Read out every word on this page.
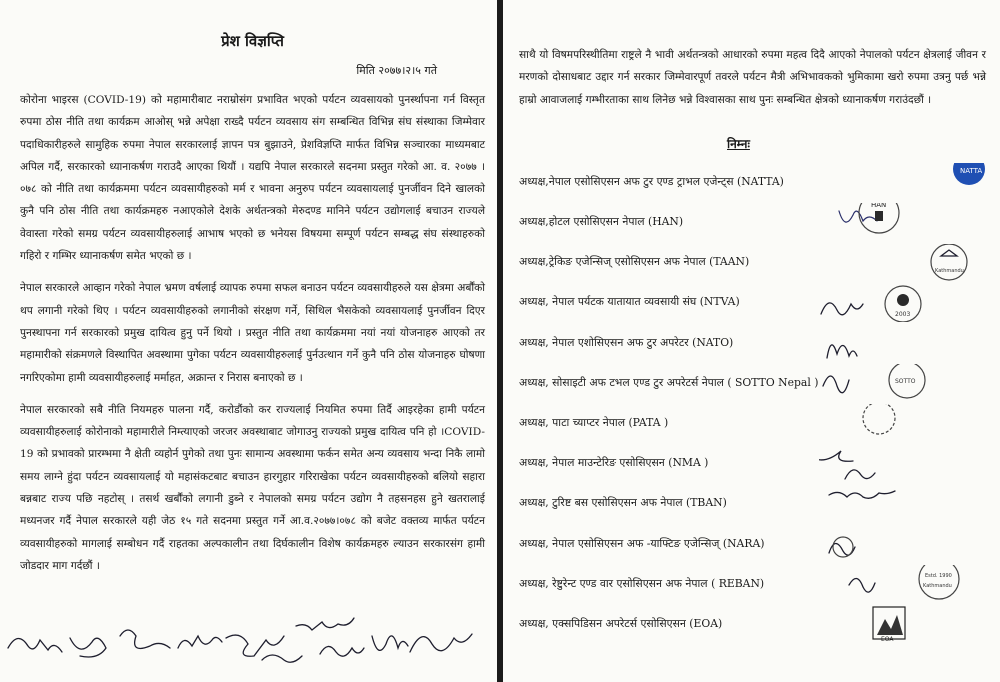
प्रेश विज्ञप्ति
मिति २०७७।२।५ गते

कोरोना भाइरस (COVID-19) को महामारीबाट नराम्रोसंग प्रभावित भएको पर्यटन व्यवसायको पुनर्स्थापना गर्न विस्तृत रुपमा ठोस नीति तथा कार्यक्रम आओस् भन्ने अपेक्षा राख्दै पर्यटन व्यवसाय संग सम्बन्धित विभिन्न संघ संस्थाका जिम्मेवार पदाधिकारीहरुले सामुहिक रुपमा नेपाल सरकारलाई ज्ञापन पत्र बुझाउने, प्रेशविज्ञप्ति मार्फत विभिन्न सञ्चारका माध्यमबाट अपिल गर्दै, सरकारको ध्यानाकर्षण गराउदै आएका थियौं । यद्यपि नेपाल सरकारले सदनमा प्रस्तुत गरेको आ. व. २०७७ ।०७८ को नीति तथा कार्यक्रममा पर्यटन व्यवसायीहरुको मर्म र भावना अनुरुप पर्यटन व्यवसायलाई पुनर्जीवन दिने खालको कुनै पनि ठोस नीति तथा कार्यक्रमहरु नआएकोले देशके अर्थतन्त्रको मेरुदण्ड मानिने पर्यटन उद्योगलाई बचाउन राज्यले वेवास्ता गरेको समग्र पर्यटन व्यवसायीहरुलाई आभाष भएको छ भनेयस विषयमा सम्पूर्ण पर्यटन सम्बद्ध संघ संस्थाहरुको गहिरो र गम्भिर ध्यानाकर्षण समेत भएको छ ।

नेपाल सरकारले आव्हान गरेको नेपाल भ्रमण वर्षलाई व्यापक रुपमा सफल बनाउन पर्यटन व्यवसायीहरुले यस क्षेत्रमा अर्बौंको थप लगानी गरेको थिए । पर्यटन व्यवसायीहरुको लगानीको संरक्षण गर्ने, सिथिल भैसकेको व्यवसायलाई पुनर्जीवन दिएर पुनस्थापना गर्न सरकारको प्रमुख दायित्व हुनु पर्ने थियो । प्रस्तुत नीति तथा कार्यक्रममा नयां नयां योजनाहरु आएको तर महामारीको संक्रमणले विस्थापित अवस्थामा पुगेका पर्यटन व्यवसायीहरुलाई पुर्नउत्थान गर्ने कुनै पनि ठोस योजनाहरु घोषणा नगरिएकोमा हामी व्यवसायीहरुलाई मर्माहत, अक्रान्त र निरास बनाएको छ ।

नेपाल सरकारको सबै नीति नियमहरु पालना गर्दै, करोडौंको कर राज्यलाई नियमित रुपमा तिर्दै आइरहेका हामी पर्यटन व्यवसायीहरुलाई कोरोनाको महामारीले निम्त्याएको जरजर अवस्थाबाट जोगाउनु राज्यको प्रमुख दायित्व पनि हो ।COVID-19 को प्रभावको प्रारम्भमा नै क्षेती व्यहोर्न पुगेको तथा पुनः सामान्य अवस्थामा फर्कन समेत अन्य व्यवसाय भन्दा निकै लामो समय लाग्ने हुंदा पर्यटन व्यवसायलाई यो महासंकटबाट बचाउन हारगुहार गरिराखेका पर्यटन व्यवसायीहरुको बलियो सहारा बन्नबाट राज्य पछि नहटोस् । तसर्थ खर्बौंको लगानी डुब्ने र नेपालको समग्र पर्यटन उद्योग नै तहसनहस हुने खतरालाई मध्यनजर गर्दै नेपाल सरकारले यही जेठ १५ गते सदनमा प्रस्तुत गर्ने आ.व.२०७७।०७८ को बजेट वक्तव्य मार्फत पर्यटन व्यवसायीहरुको मागलाई सम्बोधन गर्दै राहतका अल्पकालीन तथा दिर्घकालीन विशेष कार्यक्रमहरु ल्याउन सरकारसंग हामी जोडदार माग गर्दछौं ।

साथै यो विषमपरिस्थीतिमा राष्ट्रले नै भावी अर्थतन्त्रको आधारको रुपमा महत्व दिदै आएको नेपालको पर्यटन क्षेत्रलाई जीवन र मरणको दोसाधबाट उद्दार गर्न सरकार जिम्मेवारपूर्ण तवरले पर्यटन मैत्री अभिभावकको भुमिकामा खरो रुपमा उत्रनु पर्छ भन्ने हाम्रो आवाजलाई गम्भीरताका साथ लिनेछ भन्ने विश्वासका साथ पुनः सम्बन्धित क्षेत्रको ध्यानाकर्षण गराउंदछौं ।

निम्नः
अध्यक्ष,नेपाल एसोसिएसन अफ टुर एण्ड ट्राभल एजेन्ट्स (NATTA)
NATTA
अध्यक्ष,होटल एसोसिएसन नेपाल (HAN)
HAN
अध्यक्ष,ट्रेकिङ एजेन्सिज् एसोसिएसन अफ नेपाल (TAAN)
Kathmandu
अध्यक्ष, नेपाल पर्यटक यातायात व्यवसायी संघ (NTVA)
2003
अध्यक्ष, नेपाल एशोसिएसन अफ टुर अपरेटर (NATO)
अध्यक्ष, सोसाइटी अफ टभल एण्ड टुर अपरेटर्स नेपाल ( SOTTO Nepal )	SOTTO
अध्यक्ष, पाटा च्याप्टर नेपाल (PATA )
अध्यक्ष, नेपाल माउन्टेरिङ एसोसिएसन (NMA )
अध्यक्ष, टुरिष्ट बस एसोसिएसन अफ नेपाल (TBAN)
अध्यक्ष, नेपाल एसोसिएसन अफ -याफ्टिङ एजेन्सिज् (NARA)
अध्यक्ष, रेष्टुरेन्ट एण्ड वार एसोसिएसन अफ नेपाल ( REBAN)
Estd. 1990
Kathmandu
अध्यक्ष, एक्सपिडिसन अपरेटर्स एसोसिएसन (EOA)
EOA
